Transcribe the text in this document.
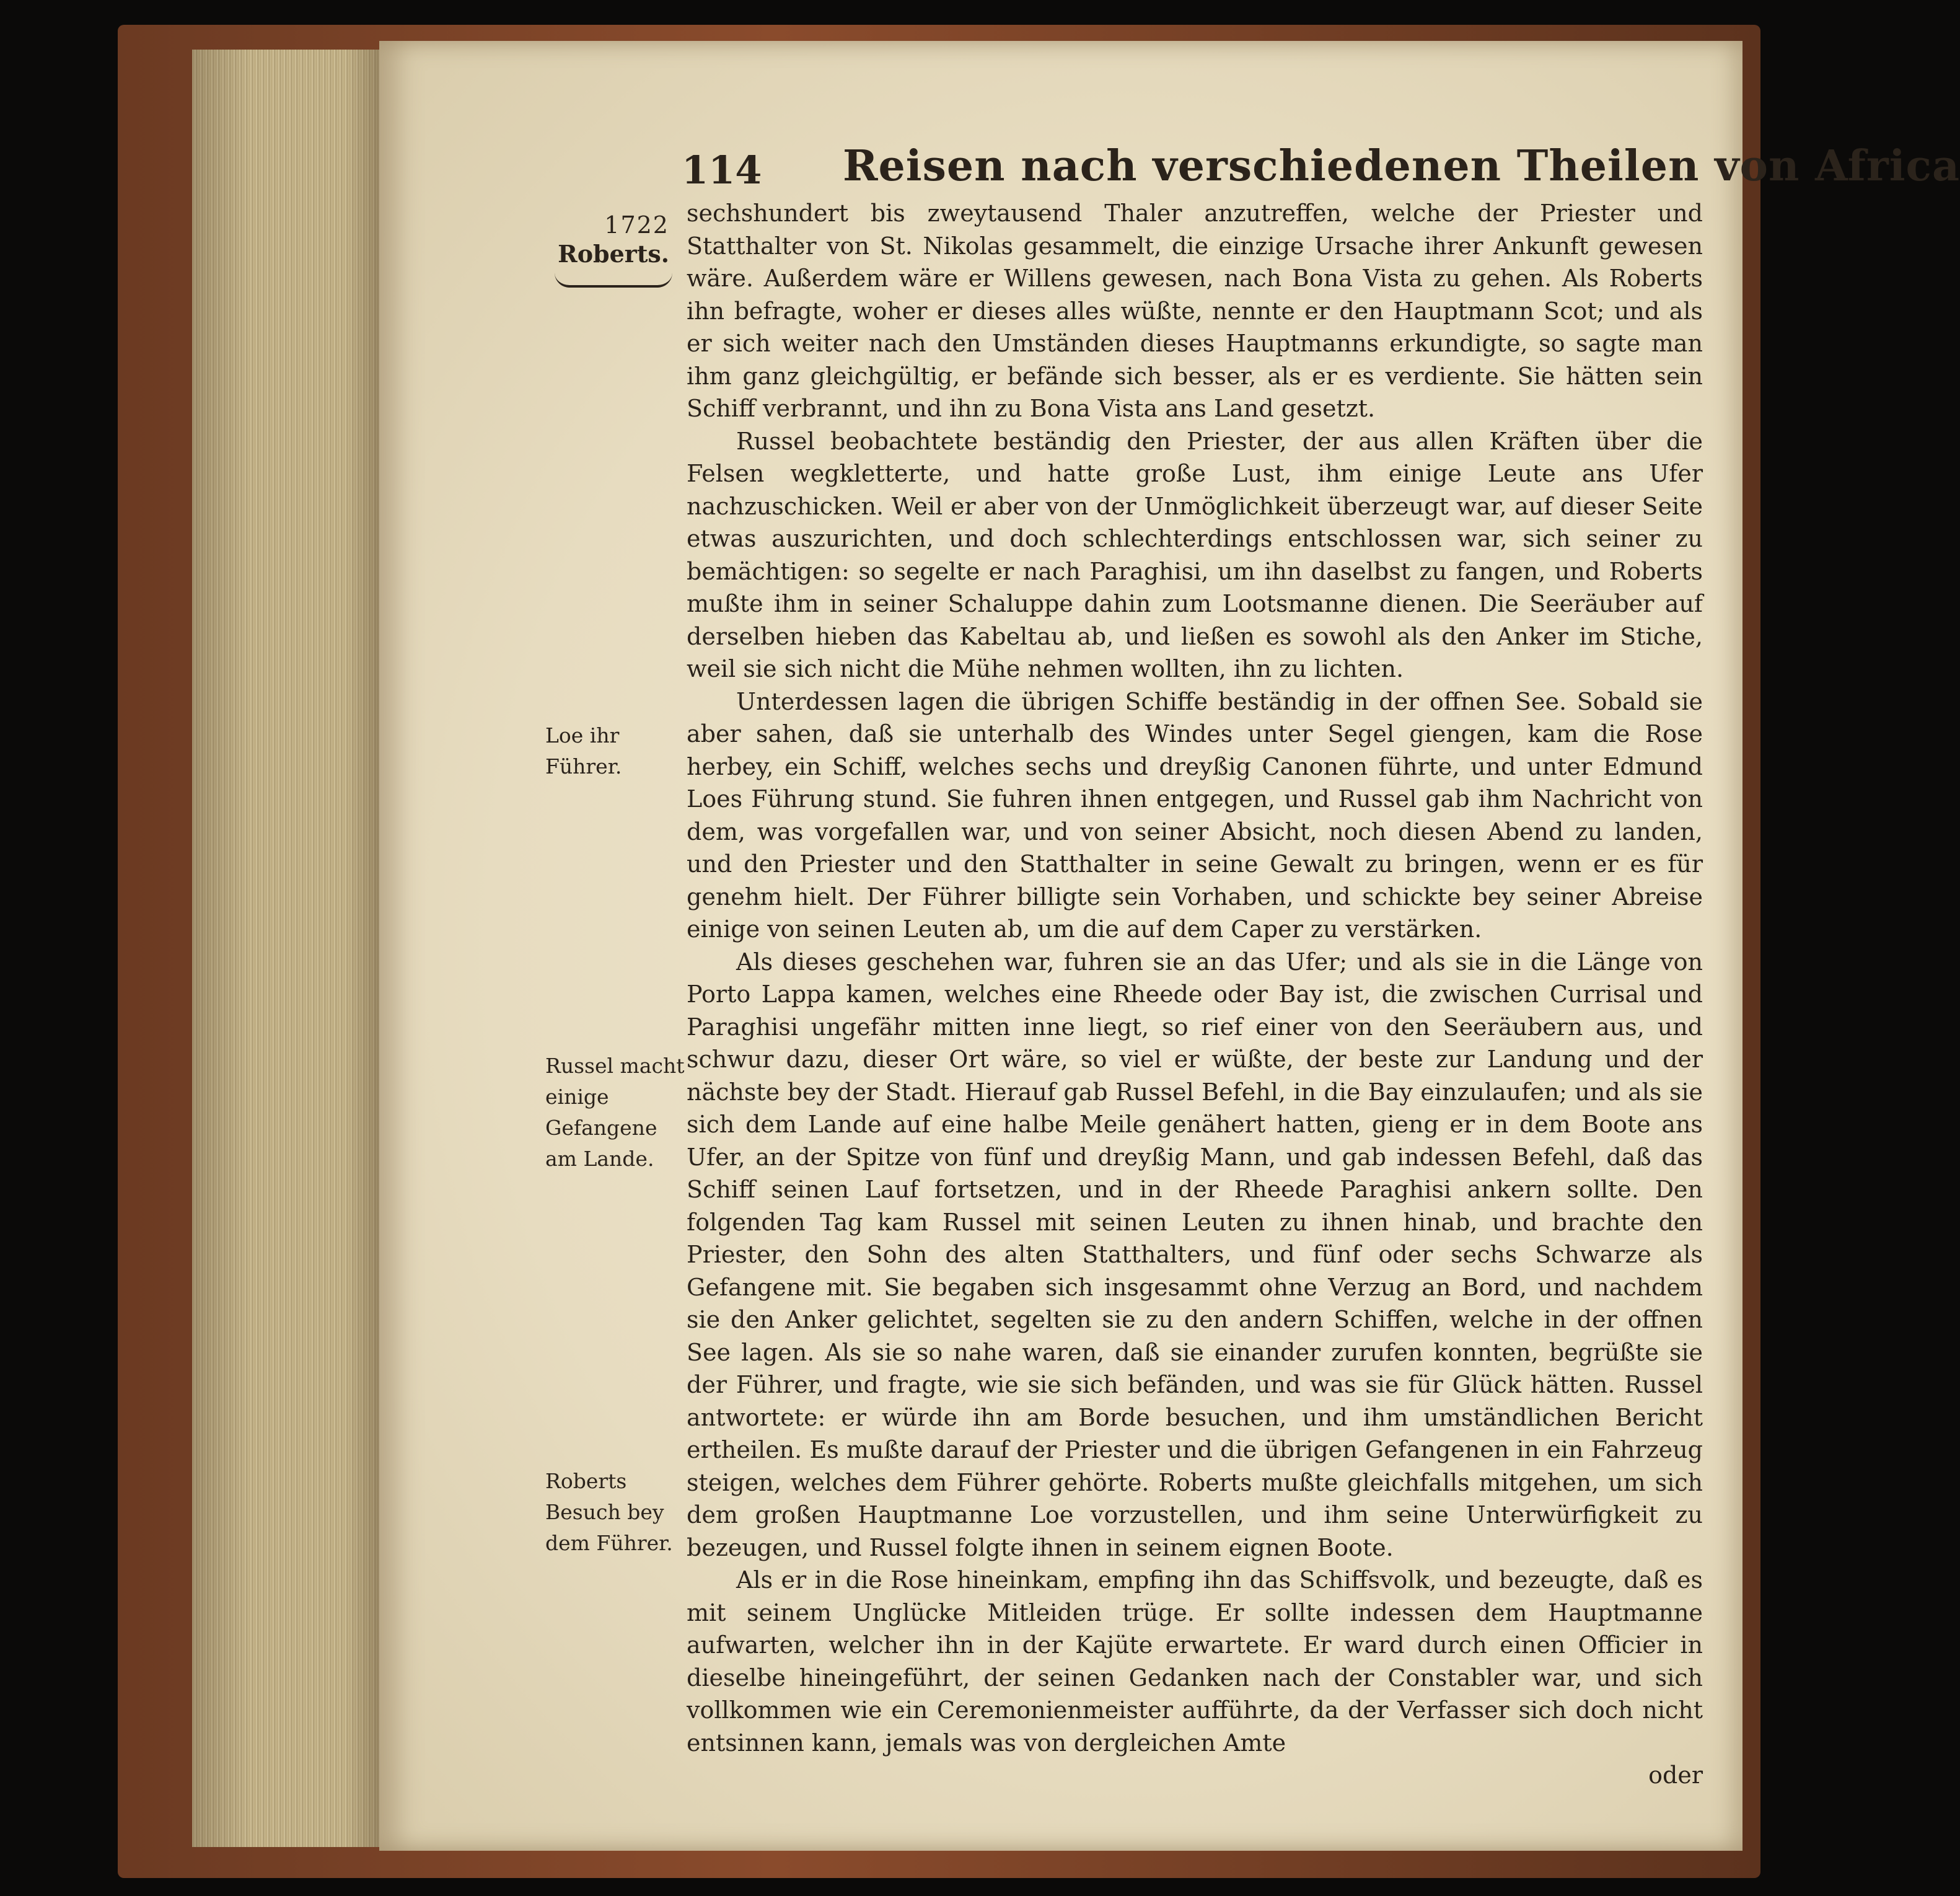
114 Reisen nach verschiedenen Theilen von Africa
1722
Roberts.
Loe ihr Führer.
Russel macht einige Gefangene am Lande.
Roberts Besuch bey dem Führer.

sechshundert bis zweytausend Thaler anzutreffen, welche der Priester und Statthalter von St. Nikolas gesammelt, die einzige Ursache ihrer Ankunft gewesen wäre. Außerdem wäre er Willens gewesen, nach Bona Vista zu gehen. Als Roberts ihn befragte, woher er dieses alles wüßte, nennte er den Hauptmann Scot; und als er sich weiter nach den Umständen dieses Hauptmanns erkundigte, so sagte man ihm ganz gleichgültig, er befände sich besser, als er es verdiente. Sie hätten sein Schiff verbrannt, und ihn zu Bona Vista ans Land gesetzt.

Russel beobachtete beständig den Priester, der aus allen Kräften über die Felsen wegkletterte, und hatte große Lust, ihm einige Leute ans Ufer nachzuschicken. Weil er aber von der Unmöglichkeit überzeugt war, auf dieser Seite etwas auszurichten, und doch schlechterdings entschlossen war, sich seiner zu bemächtigen: so segelte er nach Paraghisi, um ihn daselbst zu fangen, und Roberts mußte ihm in seiner Schaluppe dahin zum Lootsmanne dienen. Die Seeräuber auf derselben hieben das Kabeltau ab, und ließen es sowohl als den Anker im Stiche, weil sie sich nicht die Mühe nehmen wollten, ihn zu lichten.

Unterdessen lagen die übrigen Schiffe beständig in der offnen See. Sobald sie aber sahen, daß sie unterhalb des Windes unter Segel giengen, kam die Rose herbey, ein Schiff, welches sechs und dreyßig Canonen führte, und unter Edmund Loes Führung stund. Sie fuhren ihnen entgegen, und Russel gab ihm Nachricht von dem, was vorgefallen war, und von seiner Absicht, noch diesen Abend zu landen, und den Priester und den Statthalter in seine Gewalt zu bringen, wenn er es für genehm hielt. Der Führer billigte sein Vorhaben, und schickte bey seiner Abreise einige von seinen Leuten ab, um die auf dem Caper zu verstärken.

Als dieses geschehen war, fuhren sie an das Ufer; und als sie in die Länge von Porto Lappa kamen, welches eine Rheede oder Bay ist, die zwischen Currisal und Paraghisi ungefähr mitten inne liegt, so rief einer von den Seeräubern aus, und schwur dazu, dieser Ort wäre, so viel er wüßte, der beste zur Landung und der nächste bey der Stadt. Hierauf gab Russel Befehl, in die Bay einzulaufen; und als sie sich dem Lande auf eine halbe Meile genähert hatten, gieng er in dem Boote ans Ufer, an der Spitze von fünf und dreyßig Mann, und gab indessen Befehl, daß das Schiff seinen Lauf fortsetzen, und in der Rheede Paraghisi ankern sollte. Den folgenden Tag kam Russel mit seinen Leuten zu ihnen hinab, und brachte den Priester, den Sohn des alten Statthalters, und fünf oder sechs Schwarze als Gefangene mit. Sie begaben sich insgesammt ohne Verzug an Bord, und nachdem sie den Anker gelichtet, segelten sie zu den andern Schiffen, welche in der offnen See lagen. Als sie so nahe waren, daß sie einander zurufen konnten, begrüßte sie der Führer, und fragte, wie sie sich befänden, und was sie für Glück hätten. Russel antwortete: er würde ihn am Borde besuchen, und ihm umständlichen Bericht ertheilen. Es mußte darauf der Priester und die übrigen Gefangenen in ein Fahrzeug steigen, welches dem Führer gehörte. Roberts mußte gleichfalls mitgehen, um sich dem großen Hauptmanne Loe vorzustellen, und ihm seine Unterwürfigkeit zu bezeugen, und Russel folgte ihnen in seinem eignen Boote.

Als er in die Rose hineinkam, empfing ihn das Schiffsvolk, und bezeugte, daß es mit seinem Unglücke Mitleiden trüge. Er sollte indessen dem Hauptmanne aufwarten, welcher ihn in der Kajüte erwartete. Er ward durch einen Officier in dieselbe hineingeführt, der seinen Gedanken nach der Constabler war, und sich vollkommen wie ein Ceremonienmeister aufführte, da der Verfasser sich doch nicht entsinnen kann, jemals was von dergleichen Amte

oder
